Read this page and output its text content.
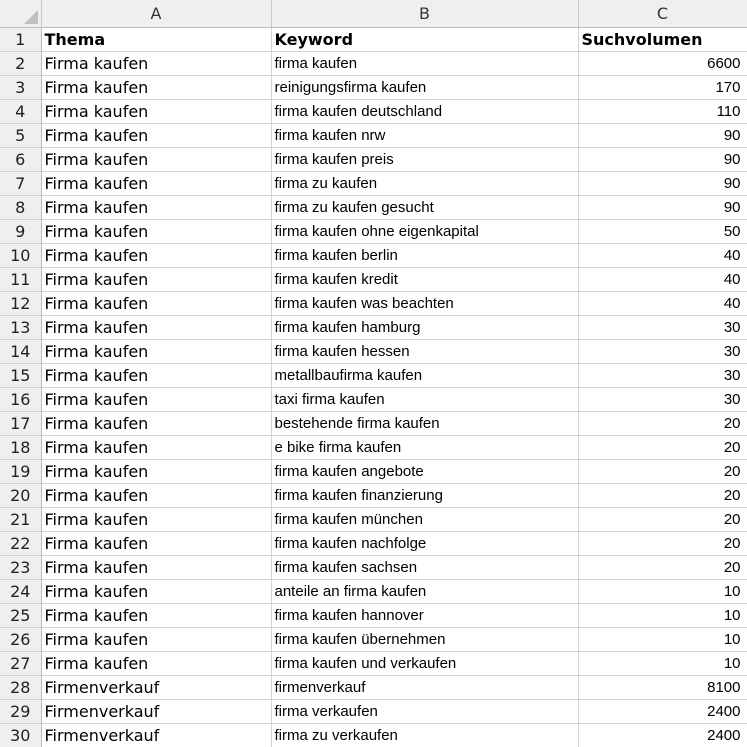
	A	B	C	
1	Thema	Keyword	Suchvolumen	
2	Firma kaufen	firma kaufen	6600	
3	Firma kaufen	reinigungsfirma kaufen	170	
4	Firma kaufen	firma kaufen deutschland	110	
5	Firma kaufen	firma kaufen nrw	90	
6	Firma kaufen	firma kaufen preis	90	
7	Firma kaufen	firma zu kaufen	90	
8	Firma kaufen	firma zu kaufen gesucht	90	
9	Firma kaufen	firma kaufen ohne eigenkapital	50	
10	Firma kaufen	firma kaufen berlin	40	
11	Firma kaufen	firma kaufen kredit	40	
12	Firma kaufen	firma kaufen was beachten	40	
13	Firma kaufen	firma kaufen hamburg	30	
14	Firma kaufen	firma kaufen hessen	30	
15	Firma kaufen	metallbaufirma kaufen	30	
16	Firma kaufen	taxi firma kaufen	30	
17	Firma kaufen	bestehende firma kaufen	20	
18	Firma kaufen	e bike firma kaufen	20	
19	Firma kaufen	firma kaufen angebote	20	
20	Firma kaufen	firma kaufen finanzierung	20	
21	Firma kaufen	firma kaufen münchen	20	
22	Firma kaufen	firma kaufen nachfolge	20	
23	Firma kaufen	firma kaufen sachsen	20	
24	Firma kaufen	anteile an firma kaufen	10	
25	Firma kaufen	firma kaufen hannover	10	
26	Firma kaufen	firma kaufen übernehmen	10	
27	Firma kaufen	firma kaufen und verkaufen	10	
28	Firmenverkauf	firmenverkauf	8100	
29	Firmenverkauf	firma verkaufen	2400	
30	Firmenverkauf	firma zu verkaufen	2400	
